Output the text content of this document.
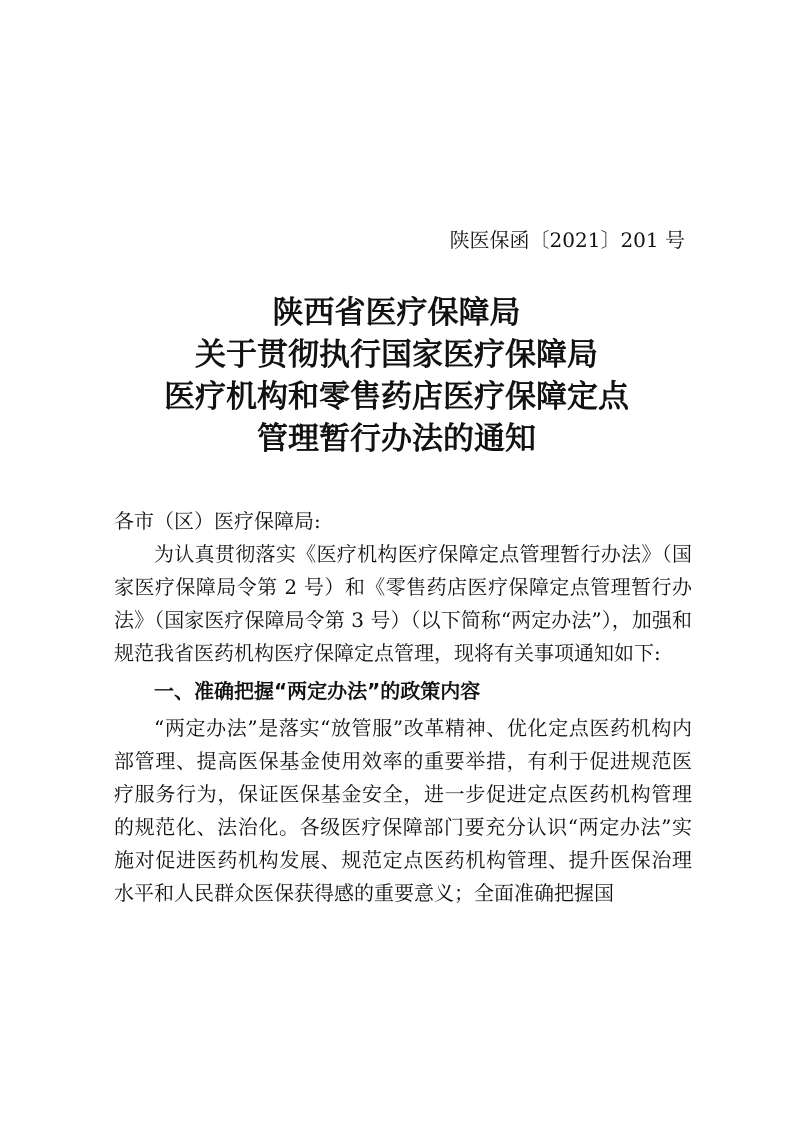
陕医保函〔2021〕201 号
陕西省医疗保障局
关于贯彻执行国家医疗保障局
医疗机构和零售药店医疗保障定点
管理暂行办法的通知

各市（区）医疗保障局:

为认真贯彻落实《医疗机构医疗保障定点管理暂行办法》（国家医疗保障局令第 2 号）和《零售药店医疗保障定点管理暂行办法》（国家医疗保障局令第 3 号）（以下简称“两定办法”），加强和规范我省医药机构医疗保障定点管理，现将有关事项通知如下:

一、准确把握“两定办法”的政策内容

“两定办法”是落实“放管服”改革精神、优化定点医药机构内部管理、提高医保基金使用效率的重要举措，有利于促进规范医疗服务行为，保证医保基金安全，进一步促进定点医药机构管理的规范化、法治化。各级医疗保障部门要充分认识“两定办法”实施对促进医药机构发展、规范定点医药机构管理、提升医保治理水平和人民群众医保获得感的重要意义；全面准确把握国
